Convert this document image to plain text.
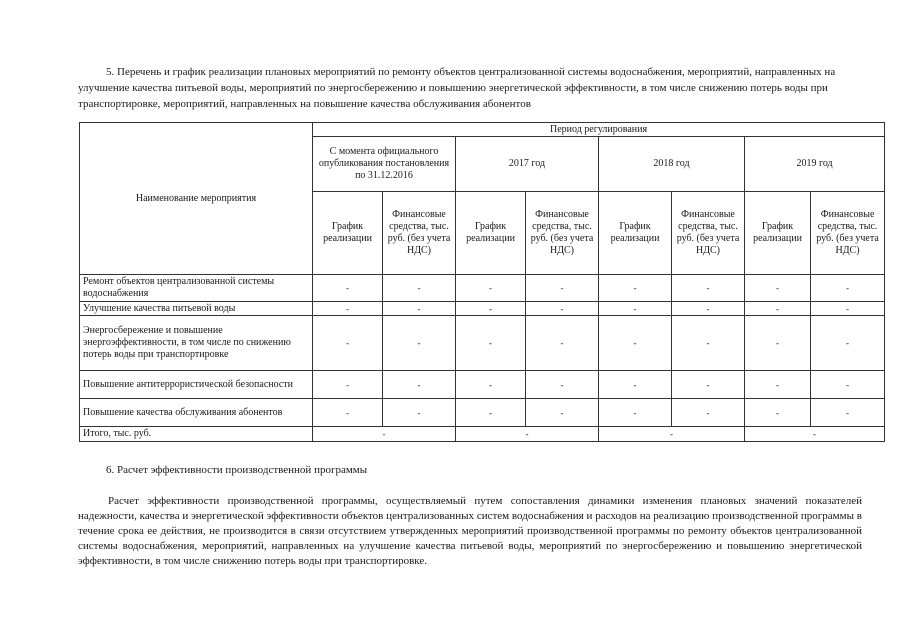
5. Перечень и график реализации плановых мероприятий по ремонту объектов централизованной системы водоснабжения, мероприятий, направленных на улучшение качества питьевой воды, мероприятий по энергосбережению и повышению энергетической эффективности, в том числе снижению потерь воды при транспортировке, мероприятий, направленных на повышение качества обслуживания абонентов

Наименование мероприятия	Период регулирования							
	С момента официального опубликования постановления по 31.12.2016		2017 год		2018 год		2019 год	
	График реализации	Финансовые средства, тыс. руб. (без учета НДС)	График реализации	Финансовые средства, тыс. руб. (без учета НДС)	График реализации	Финансовые средства, тыс. руб. (без учета НДС)	График реализации	Финансовые средства, тыс. руб. (без учета НДС)
Ремонт объектов централизованной системы водоснабжения	-	-	-	-	-	-	-	-
Улучшение качества питьевой воды	-	-	-	-	-	-	-	-
Энергосбережение и повышение энергоэффективности, в том числе по снижению потерь воды при транспортировке	-	-	-	-	-	-	-	-
Повышение антитеррористической безопасности	-	-	-	-	-	-	-	-
Повышение качества обслуживания абонентов	-	-	-	-	-	-	-	-
Итого, тыс. руб.	-		-		-		-	
6. Расчет эффективности производственной программы

Расчет эффективности производственной программы, осуществляемый путем сопоставления динамики изменения плановых значений показателей надежности, качества и энергетической эффективности объектов централизованных систем водоснабжения и расходов на реализацию производственной программы в течение срока ее действия, не производится в связи отсутствием утвержденных мероприятий производственной программы по ремонту объектов централизованной системы водоснабжения, мероприятий, направленных на улучшение качества питьевой воды, мероприятий по энергосбережению и повышению энергетической эффективности, в том числе снижению потерь воды при транспортировке.
